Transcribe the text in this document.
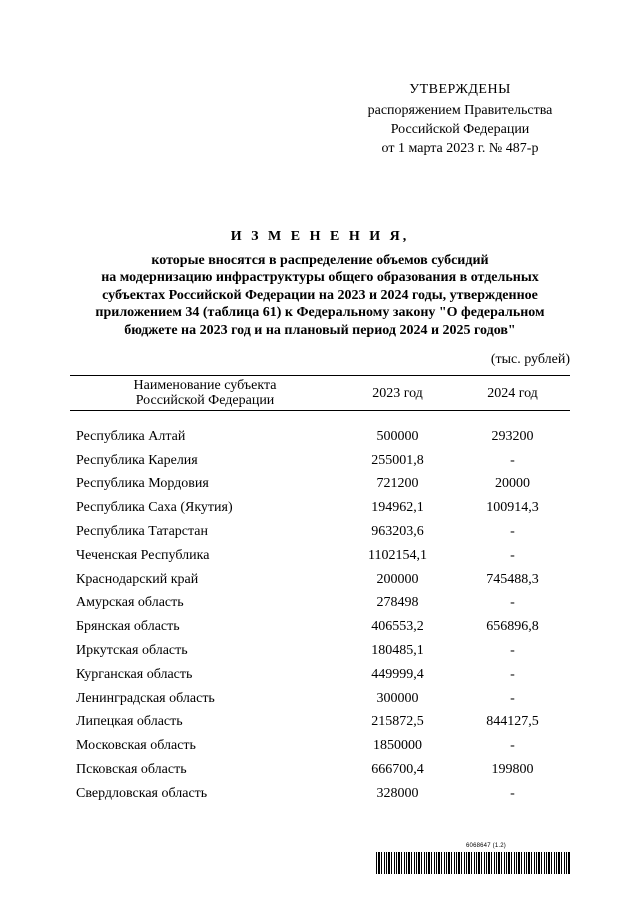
УТВЕРЖДЕНЫ
распоряжением Правительства
Российской Федерации
от 1 марта 2023 г. № 487-р
И З М Е Н Е Н И Я,
которые вносятся в распределение объемов субсидий
на модернизацию инфраструктуры общего образования в отдельных
субъектах Российской Федерации на 2023 и 2024 годы, утвержденное
приложением 34 (таблица 61) к Федеральному закону "О федеральном
бюджете на 2023 год и на плановый период 2024 и 2025 годов"
(тыс. рублей)
Наименование субъекта
Российской Федерации	2023 год	2024 год

Республика Алтай	500000	293200
Республика Карелия	255001,8	-
Республика Мордовия	721200	20000
Республика Саха (Якутия)	194962,1	100914,3
Республика Татарстан	963203,6	-
Чеченская Республика	1102154,1	-
Краснодарский край	200000	745488,3
Амурская область	278498	-
Брянская область	406553,2	656896,8
Иркутская область	180485,1	-
Курганская область	449999,4	-
Ленинградская область	300000	-
Липецкая область	215872,5	844127,5
Московская область	1850000	-
Псковская область	666700,4	199800
Свердловская область	328000	-
6068647 (1.2)
